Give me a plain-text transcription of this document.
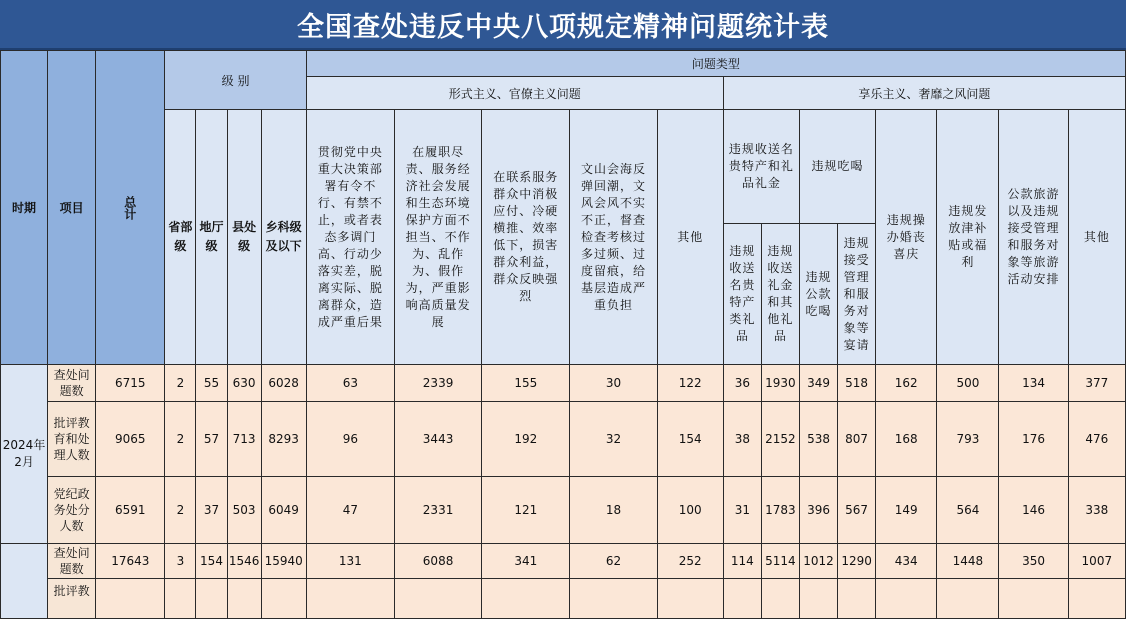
全国查处违反中央八项规定精神问题统计表
时期	项目	总计	级 别				问题类型												
							形式主义、官僚主义问题					享乐主义、奢靡之风问题							
			省部级	地厅级	县处级	乡科级及以下	贯彻党中央重大决策部署有令不行、有禁不止，或者表态多调门高、行动少落实差，脱离实际、脱离群众，造成严重后果	在履职尽责、服务经济社会发展和生态环境保护方面不担当、不作为、乱作为、假作为，严重影响高质量发展	在联系服务群众中消极应付、冷硬横推、效率低下，损害群众利益，群众反映强烈	文山会海反弹回潮，文风会风不实不正，督查检查考核过多过频、过度留痕，给基层造成严重负担	其他	违规收送名贵特产和礼品礼金		违规吃喝		违规操办婚丧喜庆	违规发放津补贴或福利	公款旅游以及违规接受管理和服务对象等旅游活动安排	其他

												违规收送名贵特产类礼品	违规收送礼金和其他礼品	违规公款吃喝	违规接受管理和服务对象等宴请				
2024年2月	查处问题数	6715	2	55	630	6028	63	2339	155	30	122	36	1930	349	518	162	500	134	377
	批评教育和处理人数	9065	2	57	713	8293	96	3443	192	32	154	38	2152	538	807	168	793	176	476
	党纪政务处分人数	6591	2	37	503	6049	47	2331	121	18	100	31	1783	396	567	149	564	146	338
	查处问题数	17643	3	154	1546	15940	131	6088	341	62	252	114	5114	1012	1290	434	1448	350	1007
	批评教																		
